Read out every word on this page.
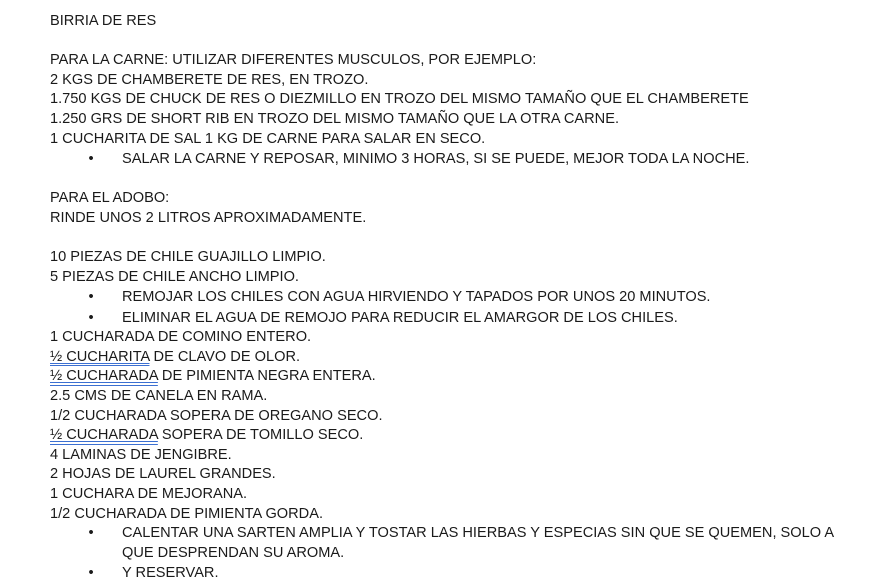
BIRRIA DE RES

PARA LA CARNE: UTILIZAR DIFERENTES MUSCULOS, POR EJEMPLO:

2 KGS DE CHAMBERETE DE RES, EN TROZO.

1.750 KGS DE CHUCK DE RES O DIEZMILLO EN TROZO DEL MISMO TAMAÑO QUE EL CHAMBERETE

1.250 GRS DE SHORT RIB EN TROZO DEL MISMO TAMAÑO QUE LA OTRA CARNE.

1 CUCHARITA DE SAL 1 KG DE CARNE PARA SALAR EN SECO.

• SALAR LA CARNE Y REPOSAR, MINIMO 3 HORAS, SI SE PUEDE, MEJOR TODA LA NOCHE.

PARA EL ADOBO:

RINDE UNOS 2 LITROS APROXIMADAMENTE.

10 PIEZAS DE CHILE GUAJILLO LIMPIO.

5 PIEZAS DE CHILE ANCHO LIMPIO.

• REMOJAR LOS CHILES CON AGUA HIRVIENDO Y TAPADOS POR UNOS 20 MINUTOS.
• ELIMINAR EL AGUA DE REMOJO PARA REDUCIR EL AMARGOR DE LOS CHILES.

1 CUCHARADA DE COMINO ENTERO.

½ CUCHARITA DE CLAVO DE OLOR.

½ CUCHARADA DE PIMIENTA NEGRA ENTERA.

2.5 CMS DE CANELA EN RAMA.

1/2 CUCHARADA SOPERA DE OREGANO SECO.

½ CUCHARADA SOPERA DE TOMILLO SECO.

4 LAMINAS DE JENGIBRE.

2 HOJAS DE LAUREL GRANDES.

1 CUCHARA DE MEJORANA.

1/2 CUCHARADA DE PIMIENTA GORDA.

• CALENTAR UNA SARTEN AMPLIA Y TOSTAR LAS HIERBAS Y ESPECIAS SIN QUE SE QUEMEN, SOLO A QUE DESPRENDAN SU AROMA.
• Y RESERVAR.
